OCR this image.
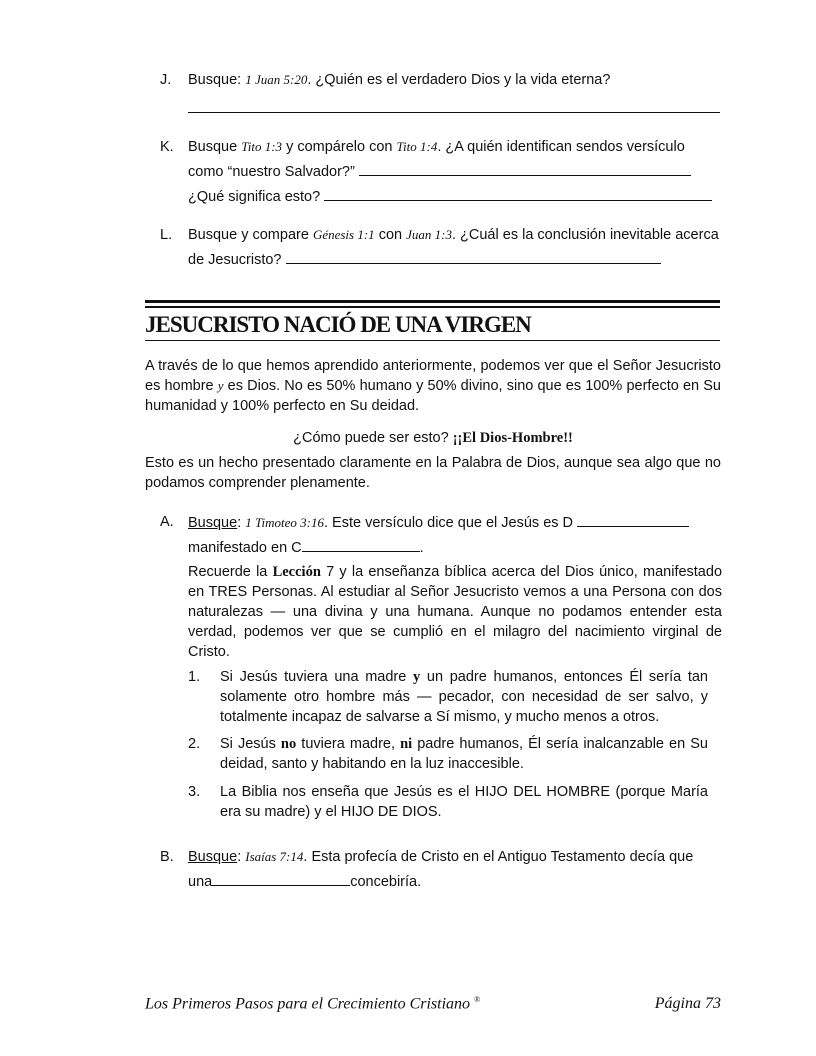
J. Busque: 1 Juan 5:20. ¿Quién es el verdadero Dios y la vida eterna?
K. Busque Tito 1:3 y compárelo con Tito 1:4. ¿A quién identifican sendos versículo como “nuestro Salvador?”
¿Qué significa esto?
L. Busque y compare Génesis 1:1 con Juan 1:3. ¿Cuál es la conclusión inevitable acerca de Jesucristo?
JESUCRISTO NACIÓ DE UNA VIRGEN
A través de lo que hemos aprendido anteriormente, podemos ver que el Señor Jesucristo es hombre y es Dios. No es 50% humano y 50% divino, sino que es 100% perfecto en Su humanidad y 100% perfecto en Su deidad.
¿Cómo puede ser esto? ¡¡El Dios-Hombre!!
Esto es un hecho presentado claramente en la Palabra de Dios, aunque sea algo que no podamos comprender plenamente.
A. Busque: 1 Timoteo 3:16. Este versículo dice que el Jesús es D
manifestado en C	.
Recuerde la Lección 7 y la enseñanza bíblica acerca del Dios único, manifestado en TRES Personas. Al estudiar al Señor Jesucristo vemos a una Persona con dos naturalezas — una divina y una humana. Aunque no podamos entender esta verdad, podemos ver que se cumplió en el milagro del nacimiento virginal de Cristo.
1. Si Jesús tuviera una madre y un padre humanos, entonces Él sería tan solamente otro hombre más — pecador, con necesidad de ser salvo, y totalmente incapaz de salvarse a Sí mismo, y mucho menos a otros.
2. Si Jesús no tuviera madre, ni padre humanos, Él sería inalcanzable en Su deidad, santo y habitando en la luz inaccesible.
3. La Biblia nos enseña que Jesús es el HIJO DEL HOMBRE (porque María era su madre) y el HIJO DE DIOS.
B. Busque: Isaías 7:14. Esta profecía de Cristo en el Antiguo Testamento decía que
una	concebiría.
Los Primeros Pasos para el Crecimiento Cristiano ®	Página 73
